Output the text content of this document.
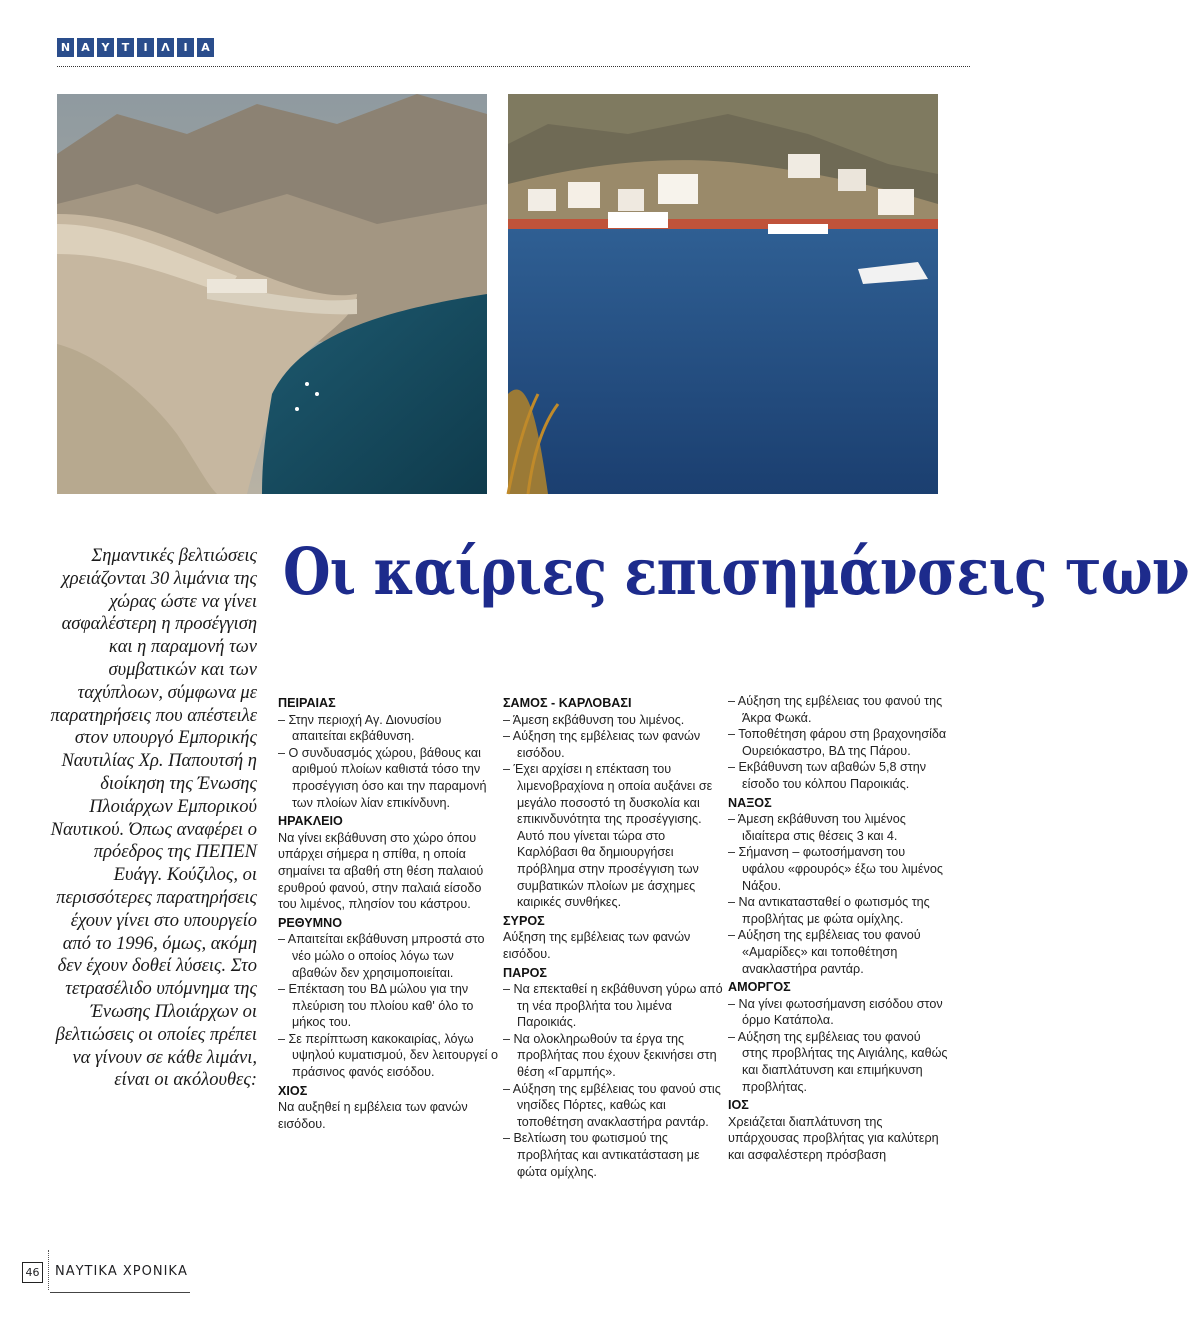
Ν	Α	Υ	Τ	Ι	Λ	Ι	Α
Οι καίριες επισημάνσεις των
Σημαντικές βελτιώσεις χρειάζονται 30 λιμάνια της χώρας ώστε να γίνει ασφαλέστερη η προσέγγιση και η παραμονή των συμβατικών και των ταχύπλοων, σύμφωνα με παρατηρήσεις που απέστειλε στον υπουργό Εμπορικής Ναυτιλίας Χρ. Παπουτσή η διοίκηση της Ένωσης Πλοιάρχων Εμπορικού Ναυτικού. Όπως αναφέρει ο πρόεδρος της ΠΕΠΕΝ Ευάγγ. Κούζιλος, οι περισσότερες παρατηρήσεις έχουν γίνει στο υπουργείο από το 1996, όμως, ακόμη δεν έχουν δοθεί λύσεις. Στο τετρασέλιδο υπόμνημα της Ένωσης Πλοιάρχων οι βελτιώσεις οι οποίες πρέπει να γίνουν σε κάθε λιμάνι, είναι οι ακόλουθες:
ΠΕΙΡΑΙΑΣ

– Στην περιοχή Αγ. Διονυσίου απαιτείται εκβάθυνση.

– Ο συνδυασμός χώρου, βάθους και αριθμού πλοίων καθιστά τόσο την προσέγγιση όσο και την παραμονή των πλοίων λίαν επικίνδυνη.

ΗΡΑΚΛΕΙΟ

Να γίνει εκβάθυνση στο χώρο όπου υπάρχει σήμερα η σπίθα, η οποία σημαίνει τα αβαθή στη θέση παλαιού ερυθρού φανού, στην παλαιά είσοδο του λιμένος, πλησίον του κάστρου.

ΡΕΘΥΜΝΟ

– Απαιτείται εκβάθυνση μπροστά στο νέο μώλο ο οποίος λόγω των αβαθών δεν χρησιμοποιείται.

– Επέκταση του ΒΔ μώλου για την πλεύριση του πλοίου καθ' όλο το μήκος του.

– Σε περίπτωση κακοκαιρίας, λόγω υψηλού κυματισμού, δεν λειτουργεί ο πράσινος φανός εισόδου.

ΧΙΟΣ

Να αυξηθεί η εμβέλεια των φανών εισόδου.

ΣΑΜΟΣ - ΚΑΡΛΟΒΑΣΙ

– Άμεση εκβάθυνση του λιμένος.

– Αύξηση της εμβέλειας των φανών εισόδου.

– Έχει αρχίσει η επέκταση του λιμενοβραχίονα η οποία αυξάνει σε μεγάλο ποσοστό τη δυσκολία και επικινδυνότητα της προσέγγισης. Αυτό που γίνεται τώρα στο Καρλόβασι θα δημιουργήσει πρόβλημα στην προσέγγιση των συμβατικών πλοίων με άσχημες καιρικές συνθήκες.

ΣΥΡΟΣ

Αύξηση της εμβέλειας των φανών εισόδου.

ΠΑΡΟΣ

– Να επεκταθεί η εκβάθυνση γύρω από τη νέα προβλήτα του λιμένα Παροικιάς.

– Να ολοκληρωθούν τα έργα της προβλήτας που έχουν ξεκινήσει στη θέση «Γαρμπής».

– Αύξηση της εμβέλειας του φανού στις νησίδες Πόρτες, καθώς και τοποθέτηση ανακλαστήρα ραντάρ.

– Βελτίωση του φωτισμού της προβλήτας και αντικατάσταση με φώτα ομίχλης.

– Αύξηση της εμβέλειας του φανού της Άκρα Φωκά.

– Τοποθέτηση φάρου στη βραχονησίδα Ουρειόκαστρο, ΒΔ της Πάρου.

– Εκβάθυνση των αβαθών 5,8 στην είσοδο του κόλπου Παροικιάς.

ΝΑΞΟΣ

– Άμεση εκβάθυνση του λιμένος ιδιαίτερα στις θέσεις 3 και 4.

– Σήμανση – φωτοσήμανση του υφάλου «φρουρός» έξω του λιμένος Νάξου.

– Να αντικατασταθεί ο φωτισμός της προβλήτας με φώτα ομίχλης.

– Αύξηση της εμβέλειας του φανού «Αμαρίδες» και τοποθέτηση ανακλαστήρα ραντάρ.

ΑΜΟΡΓΟΣ

– Να γίνει φωτοσήμανση εισόδου στον όρμο Κατάπολα.

– Αύξηση της εμβέλειας του φανού στης προβλήτας της Αιγιάλης, καθώς και διαπλάτυνση και επιμήκυνση προβλήτας.

ΙΟΣ

Χρειάζεται διαπλάτυνση της υπάρχουσας προβλήτας για καλύτερη και ασφαλέστερη πρόσβαση

46 ΝΑΥΤΙΚΑ ΧΡΟΝΙΚΑ
